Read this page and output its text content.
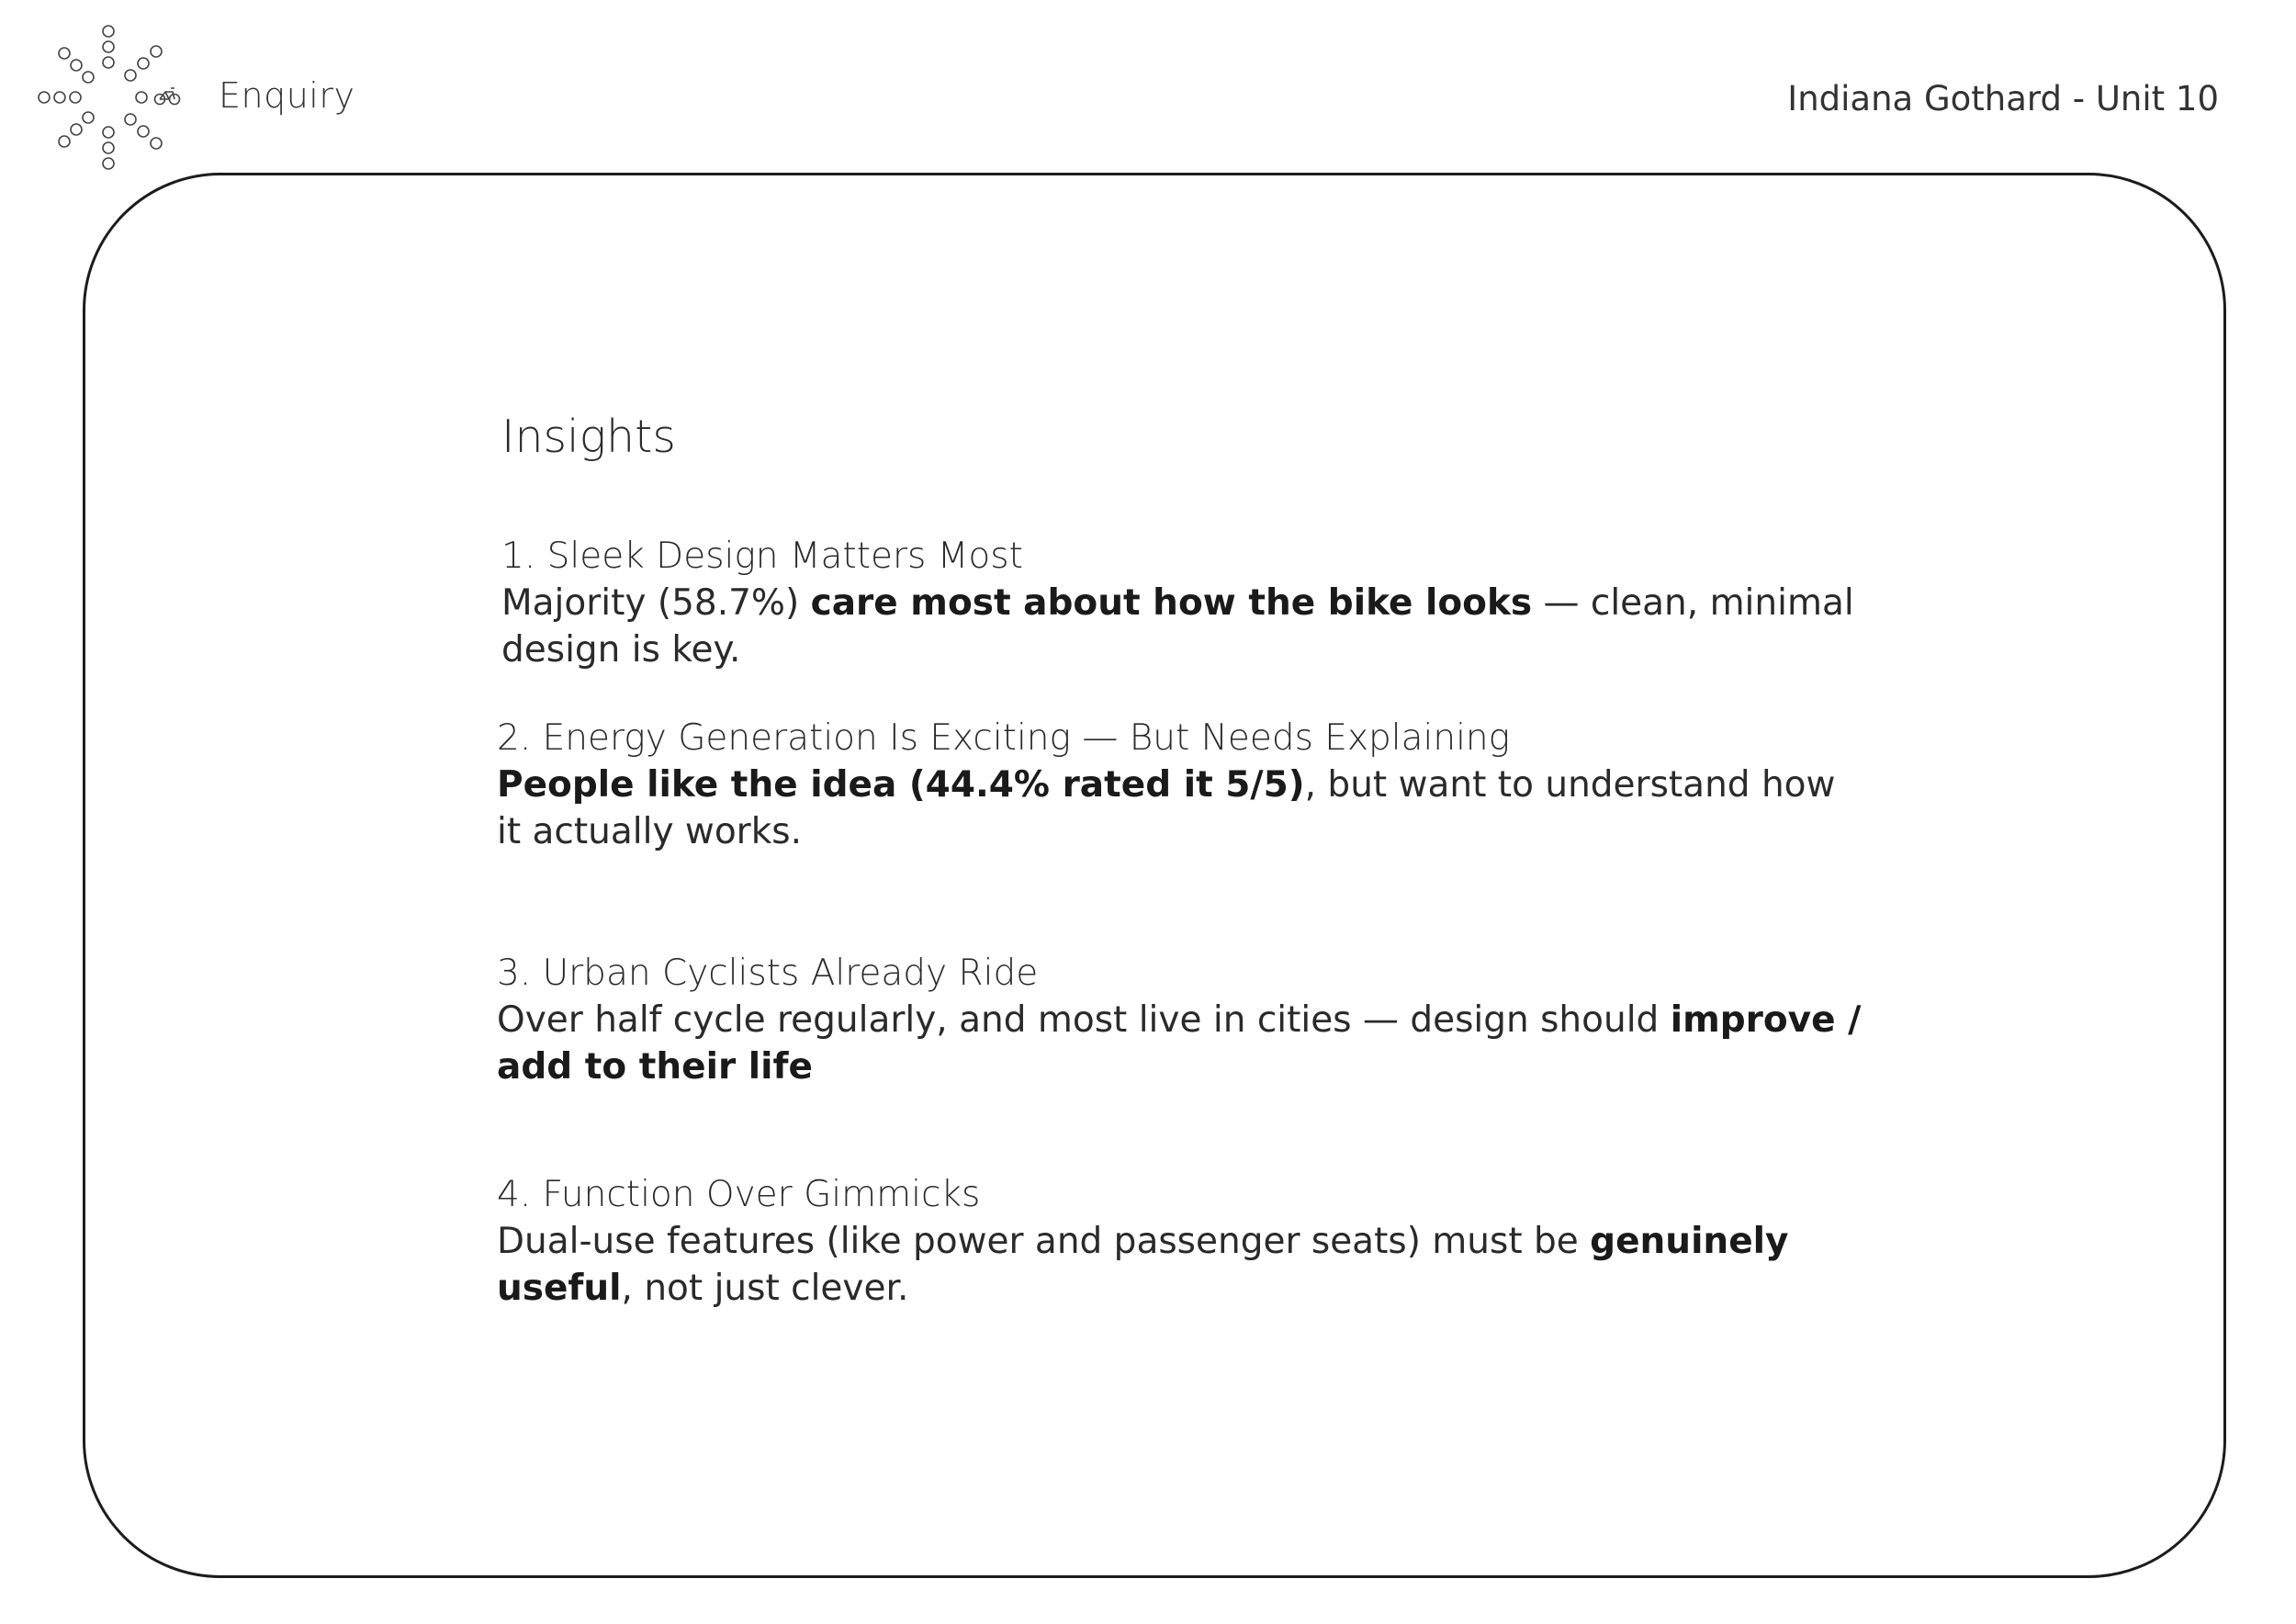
Enquiry	Indiana Gothard - Unit 10
Insights
1. Sleek Design Matters Most
Majority (58.7%) care most about how the bike looks — clean, minimal design is key.
2. Energy Generation Is Exciting — But Needs Explaining
People like the idea (44.4% rated it 5/5), but want to understand how it actually works.
3. Urban Cyclists Already Ride
Over half cycle regularly, and most live in cities — design should improve / add to their life
4. Function Over Gimmicks
Dual-use features (like power and passenger seats) must be genuinely useful, not just clever.
